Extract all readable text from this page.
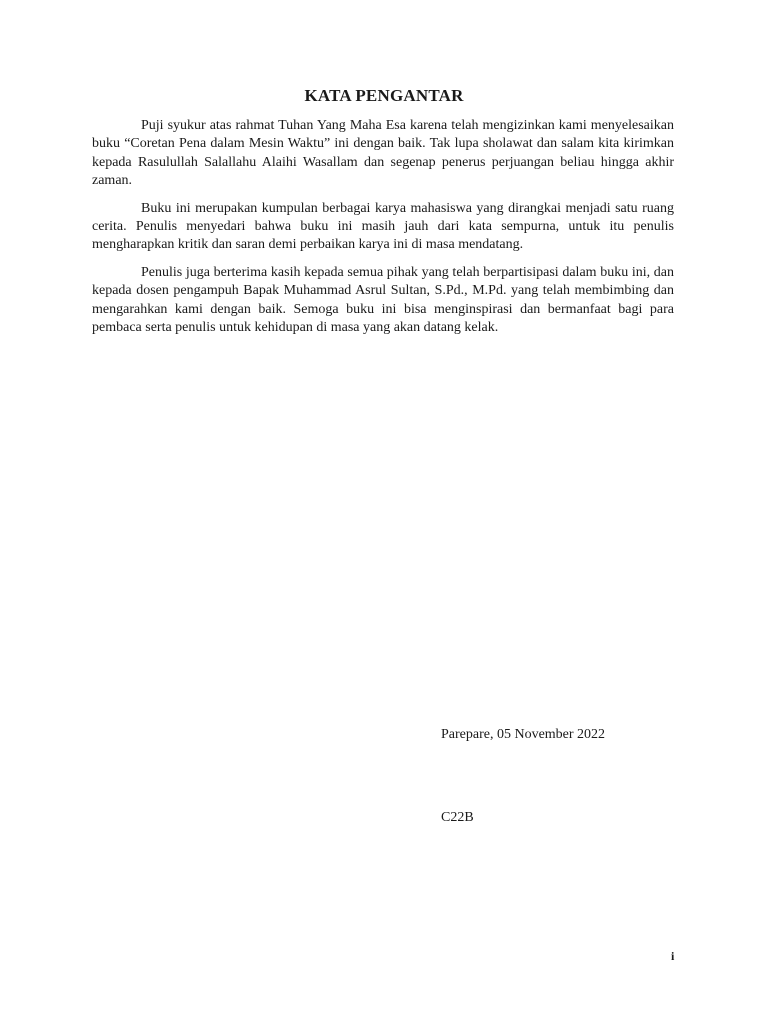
KATA PENGANTAR

Puji syukur atas rahmat Tuhan Yang Maha Esa karena telah mengizinkan kami menyelesaikan buku “Coretan Pena dalam Mesin Waktu” ini dengan baik. Tak lupa sholawat dan salam kita kirimkan kepada Rasulullah Salallahu Alaihi Wasallam dan segenap penerus perjuangan beliau hingga akhir zaman.

Buku ini merupakan kumpulan berbagai karya mahasiswa yang dirangkai menjadi satu ruang cerita. Penulis menyedari bahwa buku ini masih jauh dari kata sempurna, untuk itu penulis mengharapkan kritik dan saran demi perbaikan karya ini di masa mendatang.

Penulis juga berterima kasih kepada semua pihak yang telah berpartisipasi dalam buku ini, dan kepada dosen pengampuh Bapak Muhammad Asrul Sultan, S.Pd., M.Pd. yang telah membimbing dan mengarahkan kami dengan baik. Semoga buku ini bisa menginspirasi dan bermanfaat bagi para pembaca serta penulis untuk kehidupan di masa yang akan datang kelak.

Parepare, 05 November 2022
C22B
i
